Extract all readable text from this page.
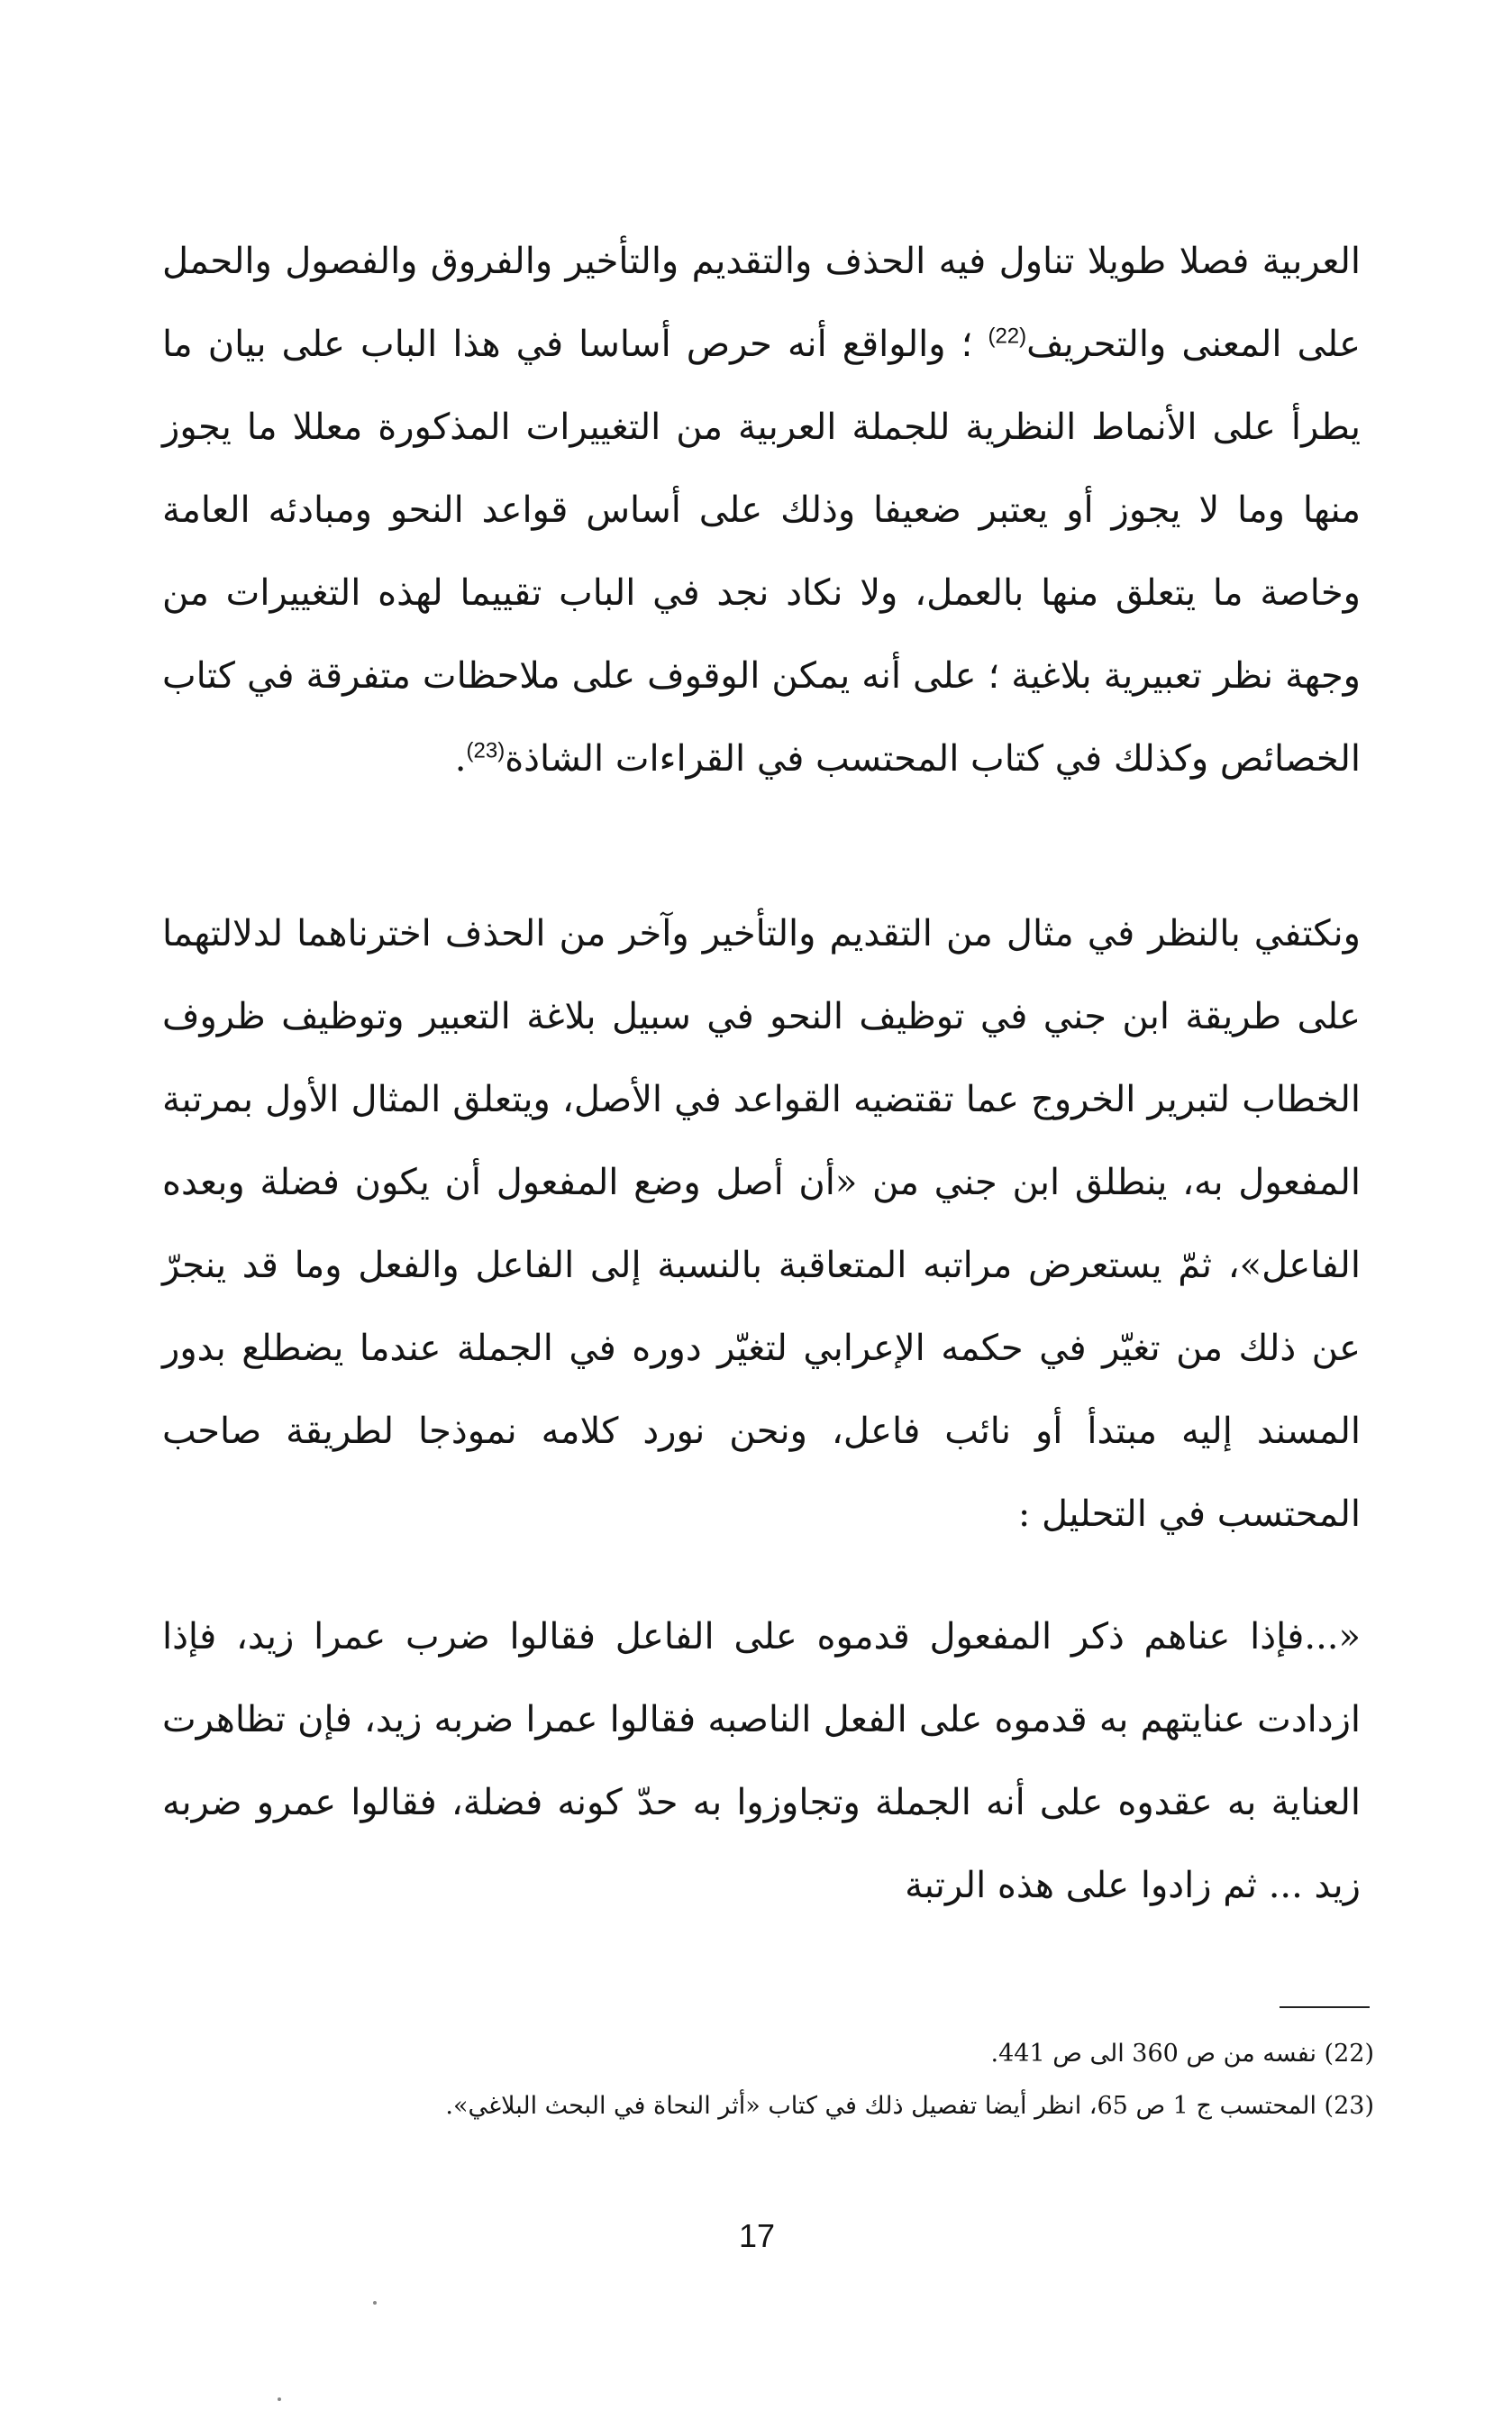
العربية فصلا طويلا تناول فيه الحذف والتقديم والتأخير والفروق والفصول والحمل على المعنى والتحريف$^{(22)}$ ؛ والواقع أنه حرص أساسا في هذا الباب على بيان ما يطرأ على الأنماط النظرية للجملة العربية من التغييرات المذكورة معللا ما يجوز منها وما لا يجوز أو يعتبر ضعيفا وذلك على أساس قواعد النحو ومبادئه العامة وخاصة ما يتعلق منها بالعمل، ولا نكاد نجد في الباب تقييما لهذه التغييرات من وجهة نظر تعبيرية بلاغية ؛ على أنه يمكن الوقوف على ملاحظات متفرقة في كتاب الخصائص وكذلك في كتاب المحتسب في القراءات الشاذة$^{(23)}$.

ونكتفي بالنظر في مثال من التقديم والتأخير وآخر من الحذف اخترناهما لدلالتهما على طريقة ابن جني في توظيف النحو في سبيل بلاغة التعبير وتوظيف ظروف الخطاب لتبرير الخروج عما تقتضيه القواعد في الأصل، ويتعلق المثال الأول بمرتبة المفعول به، ينطلق ابن جني من «أن أصل وضع المفعول أن يكون فضلة وبعده الفاعل»، ثمّ يستعرض مراتبه المتعاقبة بالنسبة إلى الفاعل والفعل وما قد ينجرّ عن ذلك من تغيّر في حكمه الإعرابي لتغيّر دوره في الجملة عندما يضطلع بدور المسند إليه مبتدأ أو نائب فاعل، ونحن نورد كلامه نموذجا لطريقة صاحب المحتسب في التحليل :

«...فإذا عناهم ذكر المفعول قدموه على الفاعل فقالوا ضرب عمرا زيد، فإذا ازدادت عنايتهم به قدموه على الفعل الناصبه فقالوا عمرا ضربه زيد، فإن تظاهرت العناية به عقدوه على أنه الجملة وتجاوزوا به حدّ كونه فضلة، فقالوا عمرو ضربه زيد ... ثم زادوا على هذه الرتبة

(22) نفسه من ص 360 الى ص 441.

(23) المحتسب ج 1 ص 65، انظر أيضا تفصيل ذلك في كتاب «أثر النحاة في البحث البلاغي».

17
